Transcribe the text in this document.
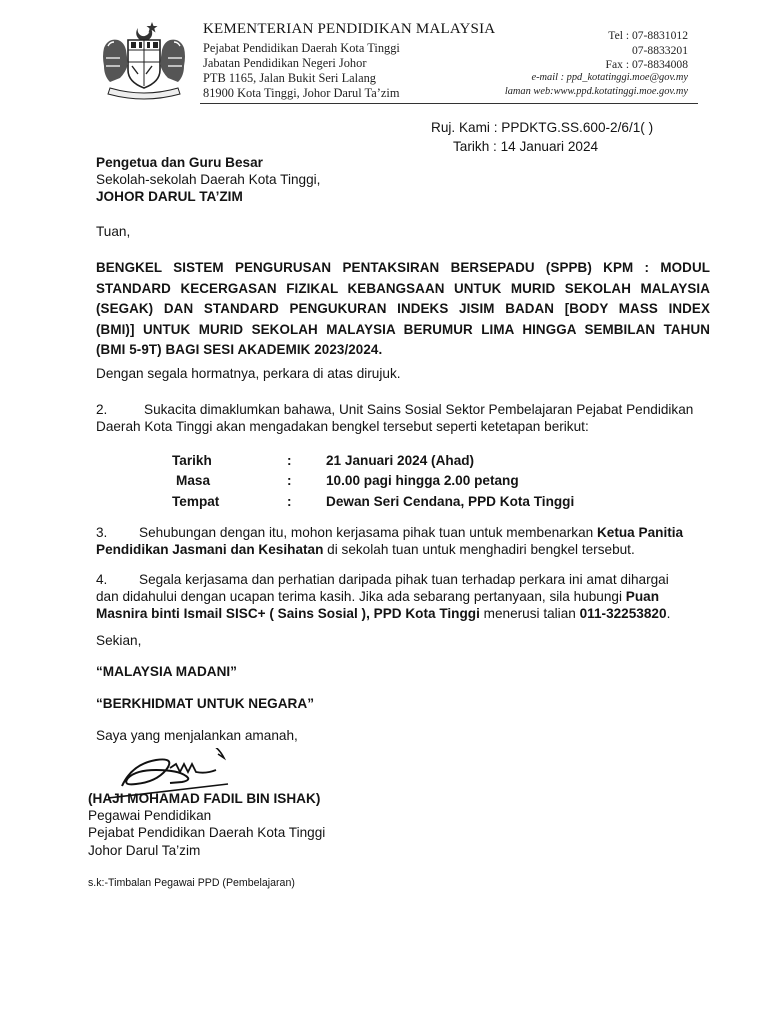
KEMENTERIAN PENDIDIKAN MALAYSIA
Pejabat Pendidikan Daerah Kota Tinggi
Jabatan Pendidikan Negeri Johor
PTB 1165, Jalan Bukit Seri Lalang
81900 Kota Tinggi, Johor Darul Ta’zim
Tel : 07-8831012
07-8833201
Fax : 07-8834008
e-mail : ppd_kotatinggi.moe@gov.my
laman web:www.ppd.kotatinggi.moe.gov.my
Ruj. Kami : PPDKTG.SS.600-2/6/1( )
Tarikh : 14 Januari 2024
Pengetua dan Guru Besar
Sekolah-sekolah Daerah Kota Tinggi,
JOHOR DARUL TA’ZIM
Tuan,
BENGKEL SISTEM PENGURUSAN PENTAKSIRAN BERSEPADU (SPPB) KPM : MODUL
STANDARD KECERGASAN FIZIKAL KEBANGSAAN UNTUK MURID SEKOLAH MALAYSIA
(SEGAK) DAN STANDARD PENGUKURAN INDEKS JISIM BADAN [BODY MASS INDEX
(BMI)] UNTUK MURID SEKOLAH MALAYSIA BERUMUR LIMA HINGGA SEMBILAN TAHUN
(BMI 5-9T) BAGI SESI AKADEMIK 2023/2024.
Dengan segala hormatnya, perkara di atas dirujuk.
2.	Sukacita dimaklumkan bahawa, Unit Sains Sosial Sektor Pembelajaran Pejabat Pendidikan
Daerah Kota Tinggi akan mengadakan bengkel tersebut seperti ketetapan berikut:
Tarikh	:	21 Januari 2024 (Ahad)
Masa	:	10.00 pagi hingga 2.00 petang
Tempat	:	Dewan Seri Cendana, PPD Kota Tinggi
3. Sehubungan dengan itu, mohon kerjasama pihak tuan untuk membenarkan Ketua Panitia
Pendidikan Jasmani dan Kesihatan di sekolah tuan untuk menghadiri bengkel tersebut.
4. Segala kerjasama dan perhatian daripada pihak tuan terhadap perkara ini amat dihargai
dan didahului dengan ucapan terima kasih. Jika ada sebarang pertanyaan, sila hubungi Puan
Masnira binti Ismail SISC+ ( Sains Sosial ), PPD Kota Tinggi menerusi talian 011-32253820.
Sekian,
“MALAYSIA MADANI”
“BERKHIDMAT UNTUK NEGARA”
Saya yang menjalankan amanah,
(HAJI MOHAMAD FADIL BIN ISHAK)
Pegawai Pendidikan
Pejabat Pendidikan Daerah Kota Tinggi
Johor Darul Ta’zim
s.k:-Timbalan Pegawai PPD (Pembelajaran)
